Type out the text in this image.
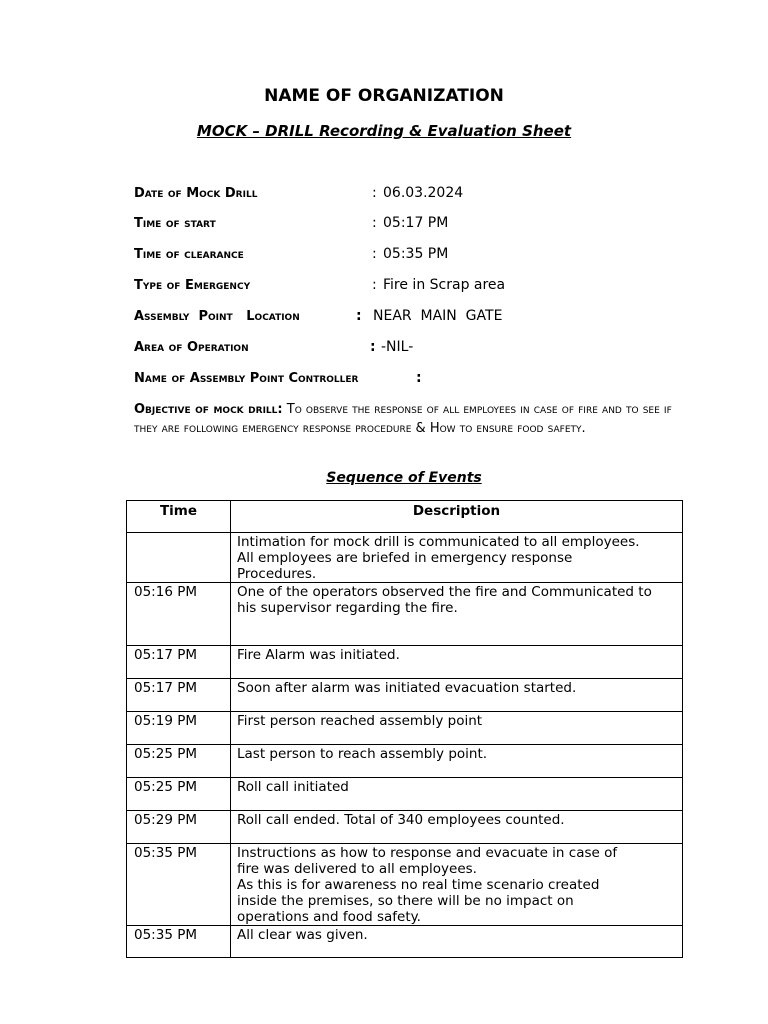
NAME OF ORGANIZATION
MOCK – DRILL Recording & Evaluation Sheet
Date of Mock Drill	: 06.03.2024
Time of start	: 05:17 PM
Time of clearance	: 05:35 PM
Type of Emergency	: Fire in Scrap area
Assembly  Point   Location	: NEAR  MAIN  GATE
Area of Operation	: -NIL-
Name of Assembly Point Controller	:
Objective of mock drill: To observe the response of all employees in case of fire and to see if they are following emergency response procedure & How to ensure food safety.
Sequence of Events
Time	Description

	Intimation for mock drill is communicated to all employees.
All employees are briefed in emergency response
Procedures.

05:16 PM	One of the operators observed the fire and Communicated to
his supervisor regarding the fire.

05:17 PM	Fire Alarm was initiated.

05:17 PM	Soon after alarm was initiated evacuation started.

05:19 PM	First person reached assembly point

05:25 PM	Last person to reach assembly point.

05:25 PM	Roll call initiated

05:29 PM	Roll call ended. Total of 340 employees counted.

05:35 PM	Instructions as how to response and evacuate in case of
fire was delivered to all employees.
As this is for awareness no real time scenario created
inside the premises, so there will be no impact on
operations and food safety.

05:35 PM	All clear was given.
